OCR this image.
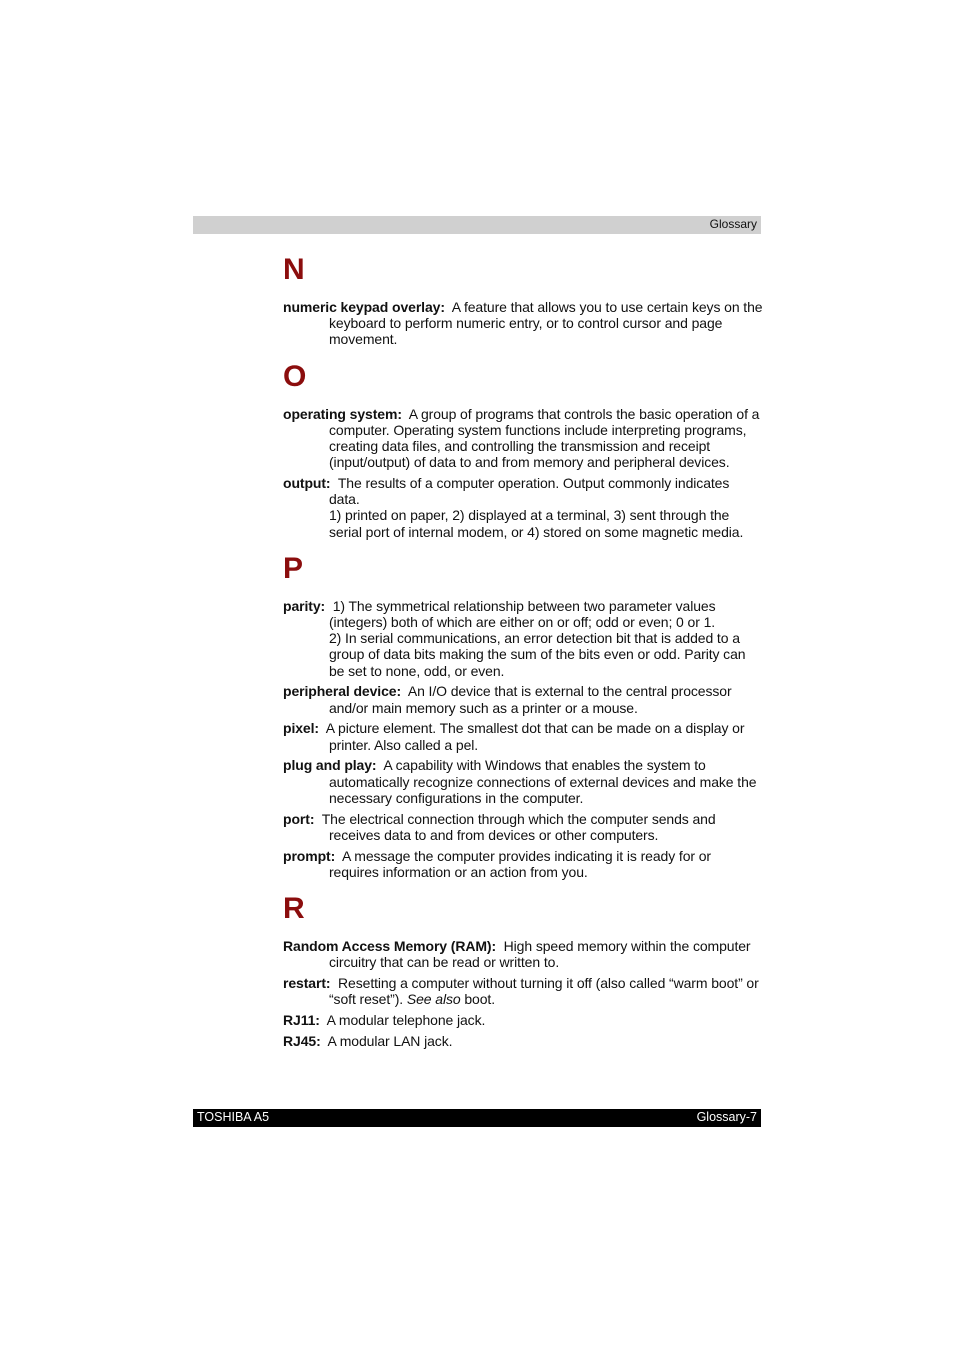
Glossary
N
numeric keypad overlay: A feature that allows you to use certain keys on the keyboard to perform numeric entry, or to control cursor and page movement.
O
operating system: A group of programs that controls the basic operation of a computer. Operating system functions include interpreting programs, creating data files, and controlling the transmission and receipt (input/output) of data to and from memory and peripheral devices.
output: The results of a computer operation. Output commonly indicates data.
1) printed on paper, 2) displayed at a terminal, 3) sent through the serial port of internal modem, or 4) stored on some magnetic media.
P
parity: 1) The symmetrical relationship between two parameter values (integers) both of which are either on or off; odd or even; 0 or 1.
2) In serial communications, an error detection bit that is added to a group of data bits making the sum of the bits even or odd. Parity can be set to none, odd, or even.
peripheral device: An I/O device that is external to the central processor and/or main memory such as a printer or a mouse.
pixel: A picture element. The smallest dot that can be made on a display or printer. Also called a pel.
plug and play: A capability with Windows that enables the system to automatically recognize connections of external devices and make the necessary configurations in the computer.
port: The electrical connection through which the computer sends and receives data to and from devices or other computers.
prompt: A message the computer provides indicating it is ready for or requires information or an action from you.
R
Random Access Memory (RAM): High speed memory within the computer circuitry that can be read or written to.
restart: Resetting a computer without turning it off (also called “warm boot” or “soft reset”). See also boot.
RJ11: A modular telephone jack.
RJ45: A modular LAN jack.
TOSHIBA A5	Glossary-7
